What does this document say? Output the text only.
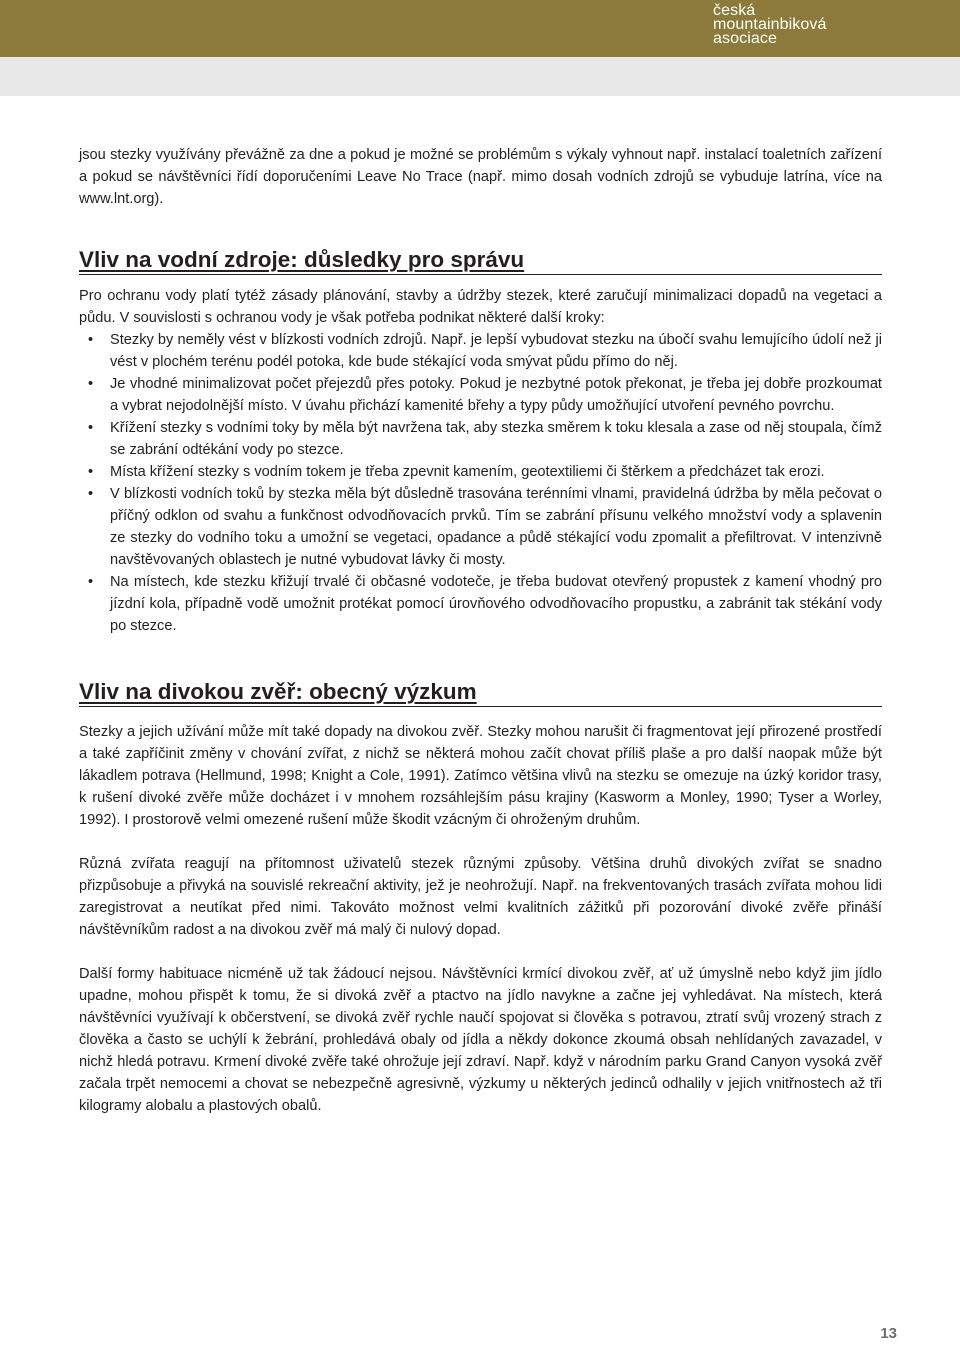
česká
mountainbiková
asociace

jsou stezky využívány převážně za dne a pokud je možné se problémům s výkaly vyhnout např. instalací toaletních zařízení a pokud se návštěvníci řídí doporučeními Leave No Trace (např. mimo dosah vodních zdrojů se vybuduje latrína, více na www.lnt.org).

Vliv na vodní zdroje: důsledky pro správu

Pro ochranu vody platí tytéž zásady plánování, stavby a údržby stezek, které zaručují minimalizaci dopadů na vegetaci a půdu. V souvislosti s ochranou vody je však potřeba podnikat některé další kroky:

• Stezky by neměly vést v blízkosti vodních zdrojů. Např. je lepší vybudovat stezku na úbočí svahu lemujícího údolí než ji vést v plochém terénu podél potoka, kde bude stékající voda smývat půdu přímo do něj.
• Je vhodné minimalizovat počet přejezdů přes potoky. Pokud je nezbytné potok překonat, je třeba jej dobře prozkoumat a vybrat nejodolnější místo. V úvahu přichází kamenité břehy a typy půdy umožňující utvoření pevného povrchu.
• Křížení stezky s vodními toky by měla být navržena tak, aby stezka směrem k toku klesala a zase od něj stoupala, čímž se zabrání odtékání vody po stezce.
• Místa křížení stezky s vodním tokem je třeba zpevnit kamením, geotextiliemi či štěrkem a předcházet tak erozi.
• V blízkosti vodních toků by stezka měla být důsledně trasována terénními vlnami, pravidelná údržba by měla pečovat o příčný odklon od svahu a funkčnost odvodňovacích prvků. Tím se zabrání přísunu velkého množství vody a splavenin ze stezky do vodního toku a umožní se vegetaci, opadance a půdě stékající vodu zpomalit a přefiltrovat. V intenzivně navštěvovaných oblastech je nutné vybudovat lávky či mosty.
• Na místech, kde stezku křižují trvalé či občasné vodoteče, je třeba budovat otevřený propustek z kamení vhodný pro jízdní kola, případně vodě umožnit protékat pomocí úrovňového odvodňovacího propustku, a zabránit tak stékání vody po stezce.
Vliv na divokou zvěř: obecný výzkum

Stezky a jejich užívání může mít také dopady na divokou zvěř. Stezky mohou narušit či fragmentovat její přirozené prostředí a také zapříčinit změny v chování zvířat, z nichž se některá mohou začít chovat příliš plaše a pro další naopak může být lákadlem potrava (Hellmund, 1998; Knight a Cole, 1991). Zatímco většina vlivů na stezku se omezuje na úzký koridor trasy, k rušení divoké zvěře může docházet i v mnohem rozsáhlejším pásu krajiny (Kasworm a Monley, 1990; Tyser a Worley, 1992). I prostorově velmi omezené rušení může škodit vzácným či ohroženým druhům.

Různá zvířata reagují na přítomnost uživatelů stezek různými způsoby. Většina druhů divokých zvířat se snadno přizpůsobuje a přivyká na souvislé rekreační aktivity, jež je neohrožují. Např. na frekventovaných trasách zvířata mohou lidi zaregistrovat a neutíkat před nimi. Takováto možnost velmi kvalitních zážitků při pozorování divoké zvěře přináší návštěvníkům radost a na divokou zvěř má malý či nulový dopad.

Další formy habituace nicméně už tak žádoucí nejsou. Návštěvníci krmící divokou zvěř, ať už úmyslně nebo když jim jídlo upadne, mohou přispět k tomu, že si divoká zvěř a ptactvo na jídlo navykne a začne jej vyhledávat. Na místech, která návštěvníci využívají k občerstvení, se divoká zvěř rychle naučí spojovat si člověka s potravou, ztratí svůj vrozený strach z člověka a často se uchýlí k žebrání, prohledává obaly od jídla a někdy dokonce zkoumá obsah nehlídaných zavazadel, v nichž hledá potravu. Krmení divoké zvěře také ohrožuje její zdraví. Např. když v národním parku Grand Canyon vysoká zvěř začala trpět nemocemi a chovat se nebezpečně agresivně, výzkumy u některých jedinců odhalily v jejich vnitřnostech až tři kilogramy alobalu a plastových obalů.

13
